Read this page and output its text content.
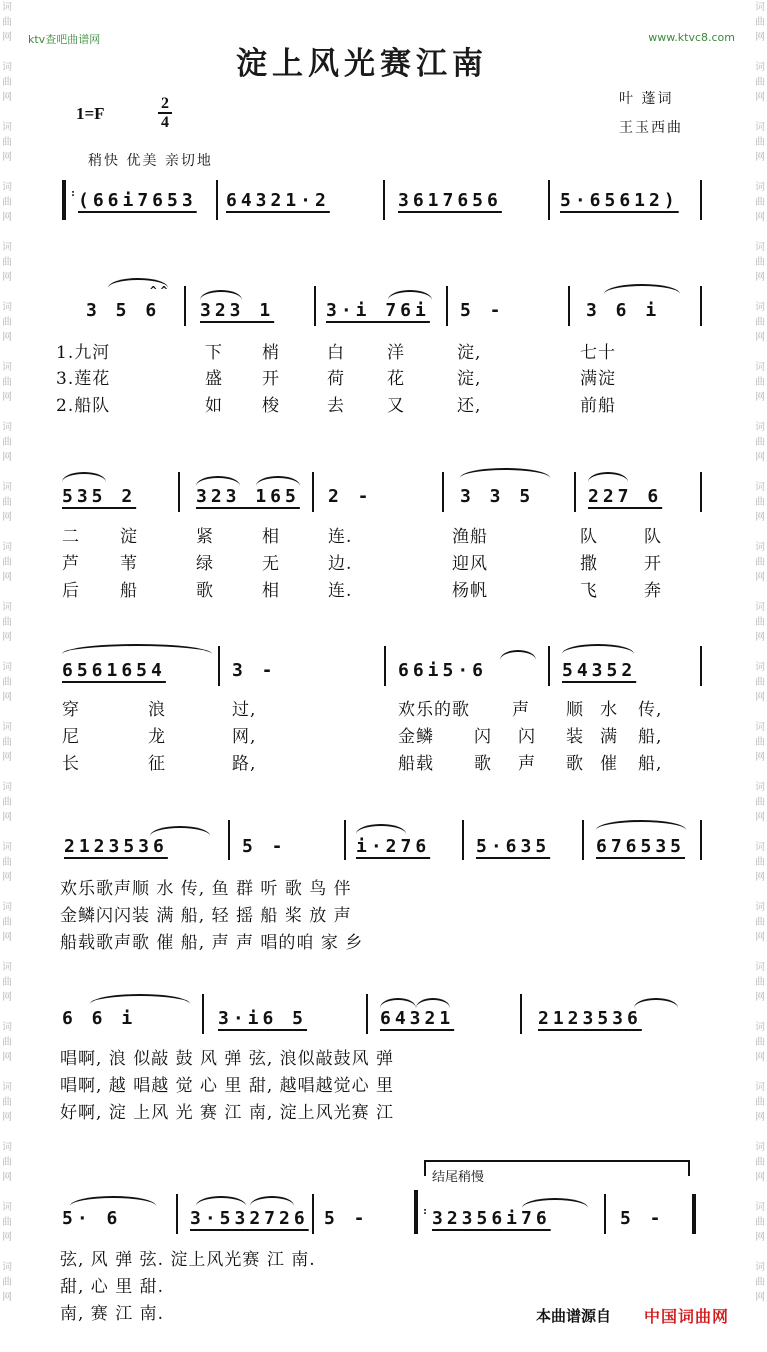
词
曲
网
词
曲
网
词
曲
网
词
曲
网
词
曲
网
词
曲
网
词
曲
网
词
曲
网
词
曲
网
词
曲
网
词
曲
网
词
曲
网
词
曲
网
词
曲
网
词
曲
网
词
曲
网
词
曲
网
词
曲
网
词
曲
网
词
曲
网
词
曲
网
词
曲
网
词
曲
网
词
曲
网
词
曲
网
词
曲
网
词
曲
网
词
曲
网
词
曲
网
词
曲
网
词
曲
网
词
曲
网
词
曲
网
词
曲
网
词
曲
网
词
曲
网
词
曲
网
词
曲
网
词
曲
网
词
曲
网
词
曲
网
词
曲
网
词
曲
网
词
曲
网
ktv查吧曲谱网	www.ktvc8.com
淀上风光赛江南
1=F
2
4
叶 蓬词
王玉西曲
稍快 优美 亲切地
:
(66i7653 64321·2	3617656	5·65612)
^^
3 5 6 323 1	3·i 76i 5 -	3 6 i
1.九河	下 梢	白 洋	淀,	七十
3.莲花	盛 开	荷 花	淀,	满淀
2.船队	如 梭	去 又	还,	前船
535 2	323 165 2 -	3 3 5	227 6
二 淀	紧	相	连.	渔船	队	队
芦 苇	绿	无	边.	迎风	撒	开
后 船	歌	相	连.	杨帆	飞	奔
6561654	3 -	66i5·6	54352
穿	浪	过,	欢乐的歌 声 顺 水 传,
尼	龙	网,	金鳞 闪 闪 装 满 船,
长	征	路,	船载 歌 声 歌 催 船,
2123536	5 -	i·276	5·635	676535
欢乐歌声顺 水 传, 鱼 群 听 歌 鸟 伴
金鳞闪闪装 满 船, 轻 摇 船 桨 放 声
船载歌声歌 催 船, 声 声 唱的咱 家 乡
6 6 i	3·i6 5	64321	2123536
唱啊, 浪 似敲 鼓 风 弹 弦, 浪似敲鼓风 弹
唱啊, 越 唱越 觉 心 里 甜, 越唱越觉心 里
好啊, 淀 上风 光 赛 江 南, 淀上风光赛 江
结尾稍慢
5· 6	3·532726 5 -	: 32356i76	5 -
弦, 风 弹 弦. 淀上风光赛 江 南.
甜, 心 里 甜.
南, 赛 江 南.	本曲谱源自 中国词曲网
